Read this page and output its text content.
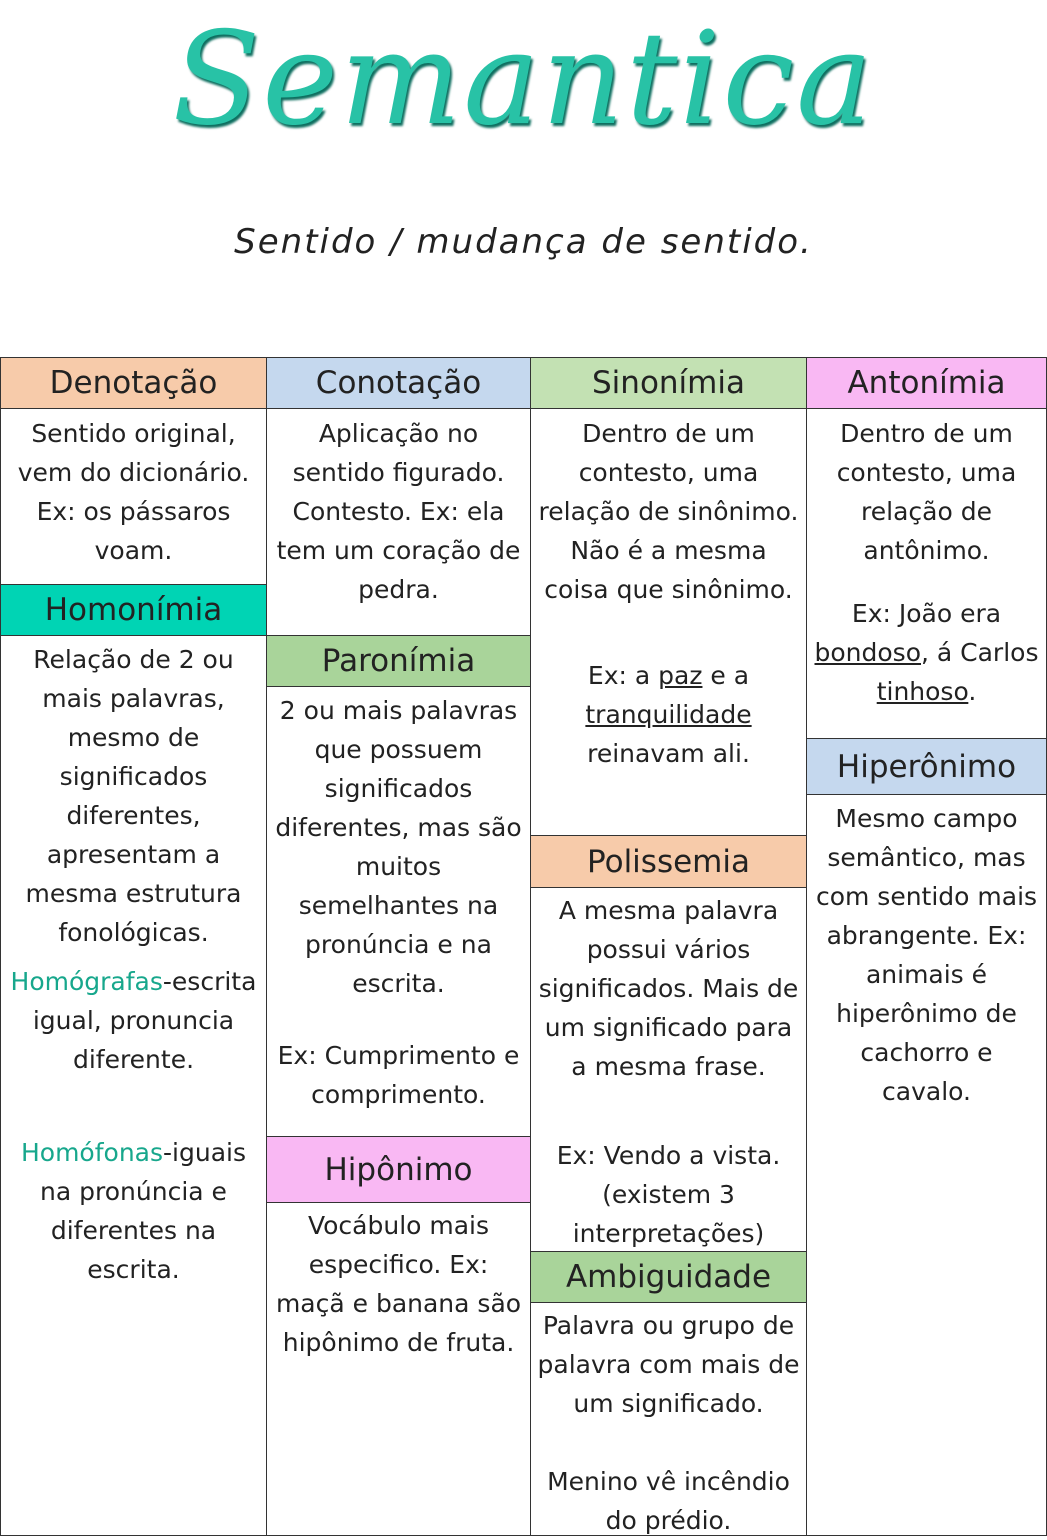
Semantica
Sentido / mudança de sentido.
Denotação
Sentido original, vem do dicionário. Ex: os pássaros voam.
Homonímia
Relação de 2 ou mais palavras, mesmo de significados diferentes, apresentam a mesma estrutura fonológicas.
Homógrafas-escrita igual, pronuncia diferente.
Homófonas-iguais na pronúncia e diferentes na escrita.
Conotação
Aplicação no sentido figurado. Contesto. Ex: ela tem um coração de pedra.
Paronímia
2 ou mais palavras que possuem significados diferentes, mas são muitos semelhantes na pronúncia e na escrita.
Ex: Cumprimento e comprimento.
Hipônimo
Vocábulo mais especifico. Ex: maçã e banana são hipônimo de fruta.
Sinonímia
Dentro de um contesto, uma relação de sinônimo. Não é a mesma coisa que sinônimo.
Ex: a paz e a
tranquilidade
reinavam ali.
Polissemia
A mesma palavra possui vários significados. Mais de um significado para a mesma frase.
Ex: Vendo a vista. (existem 3 interpretações)
Ambiguidade
Palavra ou grupo de palavra com mais de um significado.
Menino vê incêndio do prédio.
Antonímia
Dentro de um contesto, uma relação de antônimo.
Ex: João era
bondoso, á Carlos tinhoso.
Hiperônimo
Mesmo campo semântico, mas com sentido mais abrangente. Ex: animais é hiperônimo de cachorro e cavalo.
